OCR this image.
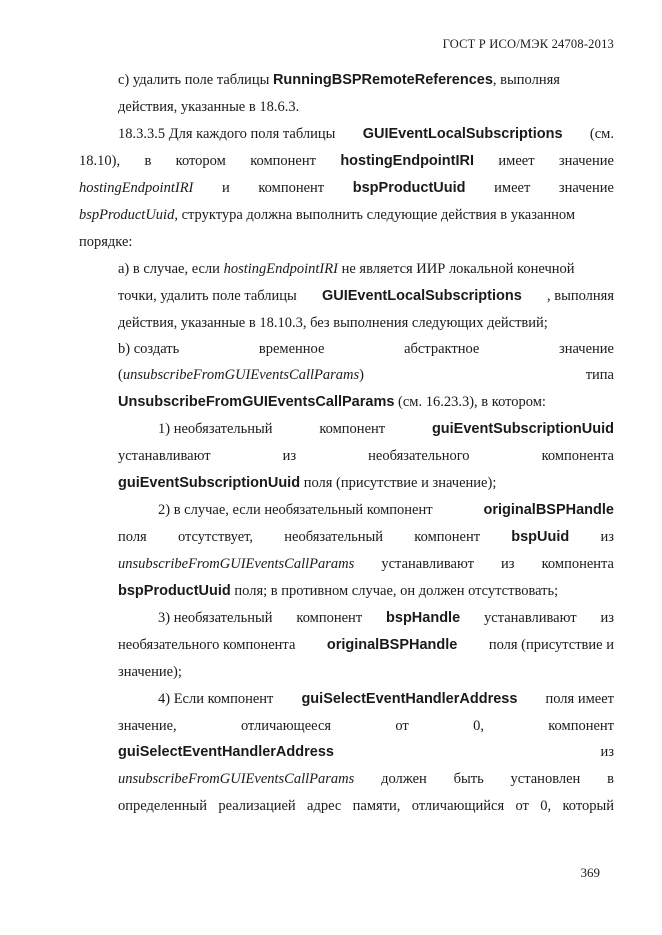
ГОСТ Р ИСО/МЭК 24708-2013
c) удалить поле таблицы RunningBSPRemoteReferences, выполняя
действия, указанные в 18.6.3.
18.3.3.5 Для каждого поля таблицы GUIEventLocalSubscriptions (см.
18.10), в котором компонент hostingEndpointIRI имеет значение
hostingEndpointIRI и компонент bspProductUuid имеет значение
bspProductUuid, структура должна выполнить следующие действия в указанном
порядке:
a) в случае, если hostingEndpointIRI не является ИИР локальной конечной
точки, удалить поле таблицы GUIEventLocalSubscriptions , выполняя
действия, указанные в 18.10.3, без выполнения следующих действий;
b) создать	временное	абстрактное	значение
(unsubscribeFromGUIEventsCallParams)	типа
UnsubscribeFromGUIEventsCallParams (см. 16.23.3), в котором:
1) необязательный	компонент	guiEventSubscriptionUuid
устанавливают	из	необязательного	компонента
guiEventSubscriptionUuid поля (присутствие и значение);
2) в случае, если необязательный компонент	originalBSPHandle
поля отсутствует, необязательный компонент bspUuid из
unsubscribeFromGUIEventsCallParams устанавливают из компонента
bspProductUuid поля; в противном случае, он должен отсутствовать;
3) необязательный компонент bspHandle устанавливают из
необязательного компонента originalBSPHandle поля (присутствие и
значение);
4) Если компонент guiSelectEventHandlerAddress поля имеет
значение,	отличающееся	от	0,	компонент
guiSelectEventHandlerAddress	из
unsubscribeFromGUIEventsCallParams должен быть установлен в
определенный реализацией адрес памяти, отличающийся от 0, который
369
